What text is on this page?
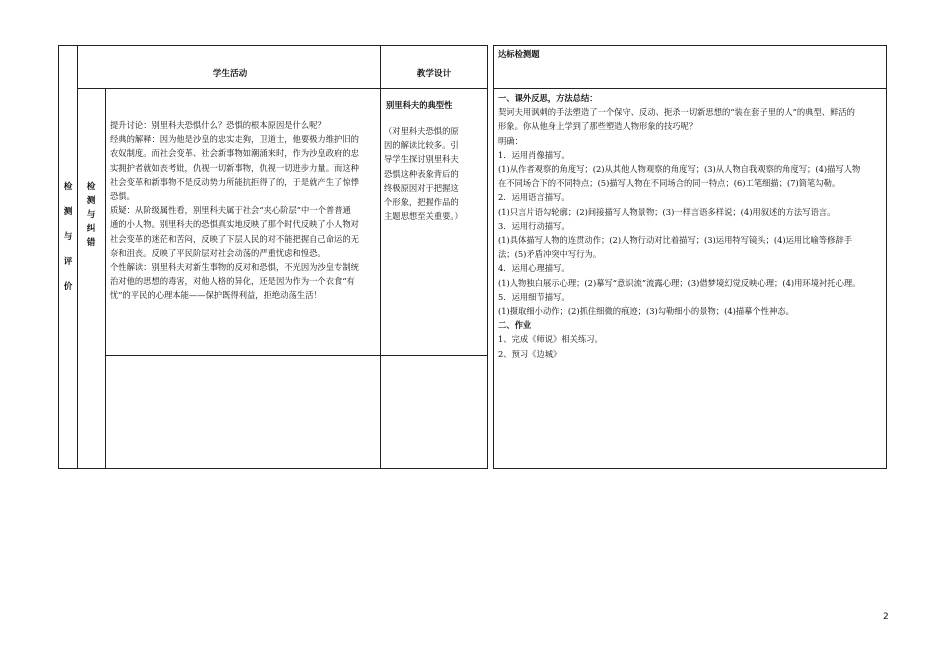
检
测
与
评
价
学生活动	教学设计
检
测
与
纠
错
提升讨论：别里科夫恐惧什么？恐惧的根本原因是什么呢？
经典的解释：因为他是沙皇的忠实走狗，卫道士，他要极力维护旧的
农奴制度。而社会变革、社会新事物如潮涌来时，作为沙皇政府的忠
实拥护者就如丧考妣，仇视一切新事物，仇视一切进步力量。而这种
社会变革和新事物不是反动势力所能抗拒得了的，于是就产生了惊悸
恐惧。
质疑：从阶级属性看，别里科夫属于社会“夹心阶层”中一个普普通
通的小人物。别里科夫的恐惧真实地反映了那个时代反映了小人物对
社会变革的迷茫和苦闷，反映了下层人民的对不能把握自己命运的无
奈和沮丧。反映了平民阶层对社会动荡的严重忧虑和惶恐。
个性解读：别里科夫对新生事物的反对和恐惧，不光因为沙皇专制统
治对他的思想的毒害，对他人格的异化，还是因为作为一个衣食“有
忧”的平民的心理本能——保护既得利益，拒绝动荡生活！
别里科夫的典型性
（对里科夫恐惧的原
因的解读比较多。引
导学生探讨别里科夫
恐惧这种表象背后的
终极原因对于把握这
个形象，把握作品的
主题思想至关重要。）
达标检测题
一、课外反思，方法总结：
契诃夫用讽刺的手法塑造了一个保守、反动、扼杀一切新思想的“装在套子里的人”的典型、鲜活的
形象。你从他身上学到了那些塑造人物形象的技巧呢？
明确：
1．运用肖像描写。
(1)从作者观察的角度写；(2)从其他人物观察的角度写；(3)从人物自我观察的角度写；(4)描写人物
在不同场合下的不同特点；(5)描写人物在不同场合的同一特点；(6)工笔细描；(7)简笔勾勒。
2．运用语言描写。
(1)只言片语勾轮廓；(2)间接描写人物景物；(3)一样言语多样说；(4)用叙述的方法写语言。
3．运用行动描写。
(1)具体描写人物的连贯动作；(2)人物行动对比着描写；(3)运用特写镜头；(4)运用比喻等修辞手
法；(5)矛盾冲突中写行为。
4．运用心理描写。
(1)人物独白展示心理；(2)摹写“意识流”流露心理；(3)借梦境幻觉反映心理；(4)用环境衬托心理。
5．运用细节描写。
(1)摄取细小动作；(2)抓住细微的痕迹；(3)勾勒细小的景物；(4)描摹个性神态。
二、作业
1、完成《师说》相关练习。
2、预习《边城》
2
